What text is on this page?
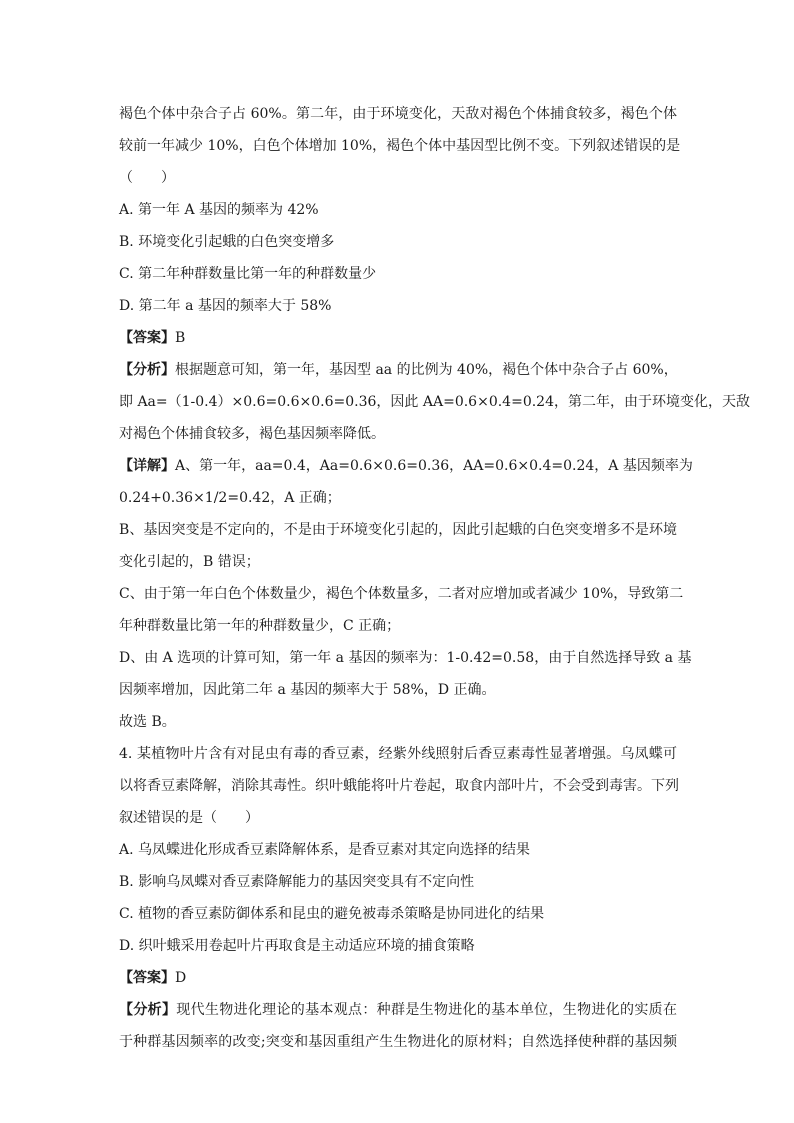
褐色个体中杂合子占 60%。第二年，由于环境变化，天敌对褐色个体捕食较多，褐色个体
较前一年减少 10%，白色个体增加 10%，褐色个体中基因型比例不变。下列叙述错误的是
（　　）
A. 第一年 A 基因的频率为 42%
B. 环境变化引起蛾的白色突变增多
C. 第二年种群数量比第一年的种群数量少
D. 第二年 a 基因的频率大于 58%
【答案】B
【分析】根据题意可知，第一年，基因型 aa 的比例为 40%，褐色个体中杂合子占 60%，
即 Aa=（1-0.4）×0.6=0.6×0.6=0.36，因此 AA=0.6×0.4=0.24，第二年，由于环境变化，天敌
对褐色个体捕食较多，褐色基因频率降低。
【详解】A、第一年，aa=0.4，Aa=0.6×0.6=0.36，AA=0.6×0.4=0.24，A 基因频率为
0.24+0.36×1/2=0.42，A 正确；
B、基因突变是不定向的，不是由于环境变化引起的，因此引起蛾的白色突变增多不是环境
变化引起的，B 错误；
C、由于第一年白色个体数量少，褐色个体数量多，二者对应增加或者减少 10%，导致第二
年种群数量比第一年的种群数量少，C 正确；
D、由 A 选项的计算可知，第一年 a 基因的频率为：1-0.42=0.58，由于自然选择导致 a 基
因频率增加，因此第二年 a 基因的频率大于 58%，D 正确。
故选 B。
4. 某植物叶片含有对昆虫有毒的香豆素，经紫外线照射后香豆素毒性显著增强。乌凤蝶可
以将香豆素降解，消除其毒性。织叶蛾能将叶片卷起，取食内部叶片，不会受到毒害。下列
叙述错误的是（　　）
A. 乌凤蝶进化形成香豆素降解体系，是香豆素对其定向选择的结果
B. 影响乌凤蝶对香豆素降解能力的基因突变具有不定向性
C. 植物的香豆素防御体系和昆虫的避免被毒杀策略是协同进化的结果
D. 织叶蛾采用卷起叶片再取食是主动适应环境的捕食策略
【答案】D
【分析】现代生物进化理论的基本观点：种群是生物进化的基本单位，生物进化的实质在
于种群基因频率的改变;突变和基因重组产生生物进化的原材料；自然选择使种群的基因频
